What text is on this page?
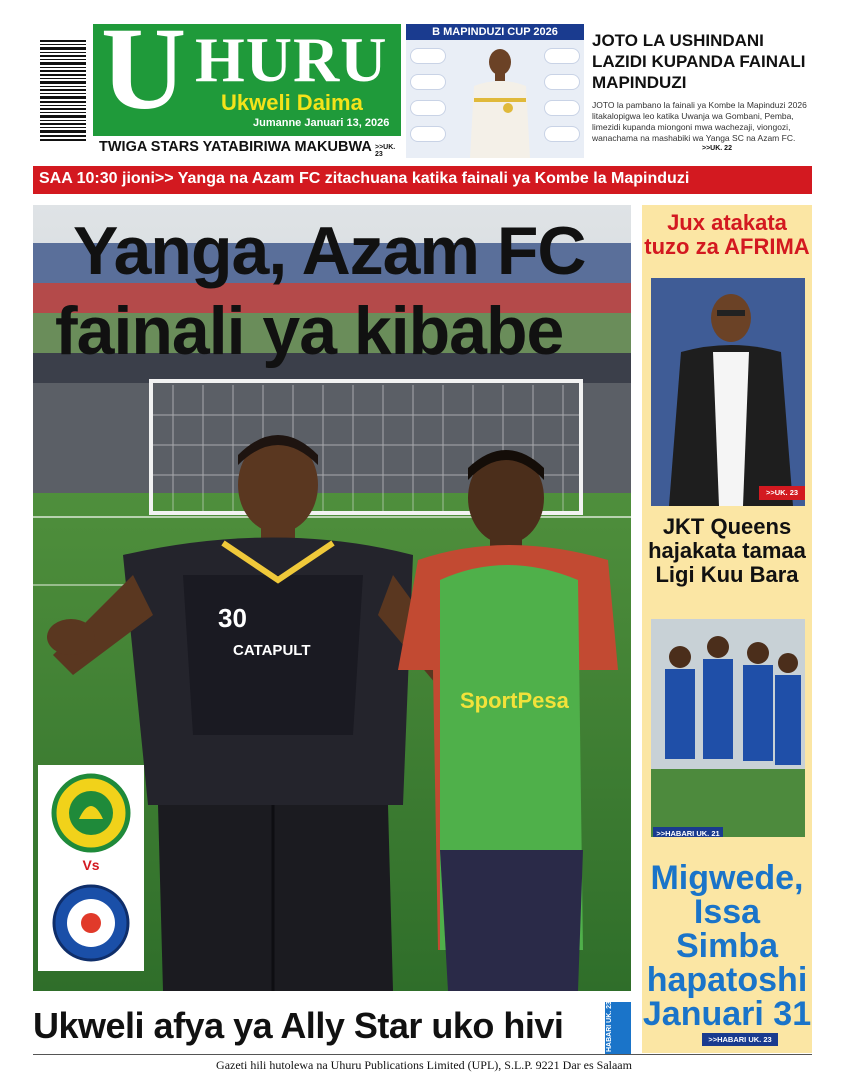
U HURU
Ukweli Daima
Jumanne Januari 13, 2026
TWIGA STARS YATABIRIWA MAKUBWA >>UK. 23
B MAPINDUZI CUP 2026	JOTO LA USHINDANI LAZIDI KUPANDA FAINALI MAPINDUZI
JOTO la pambano la fainali ya Kombe la Mapinduzi 2026 litakalopigwa leo katika Uwanja wa Gombani, Pemba, limezidi kupanda miongoni mwa wachezaji, viongozi, wanachama na mashabiki wa Yanga SC na Azam FC.
>>UK. 22
SAA 10:30 jioni>> Yanga na Azam FC zitachuana katika fainali ya Kombe la Mapinduzi
30
CATAPULT
SportPesa
Yanga, Azam FC
fainali ya kibabe
Vs
Jux atakata tuzo za AFRIMA
>>UK. 23
JKT Queens hajakata tamaa Ligi Kuu Bara
>>HABARI UK. 21
Migwede, Issa Simba hapatoshi Januari 31
>>HABARI UK. 23
Ukweli afya ya Ally Star uko hivi	HABARI UK. 23
Gazeti hili hutolewa na Uhuru Publications Limited (UPL), S.L.P. 9221 Dar es Salaam
